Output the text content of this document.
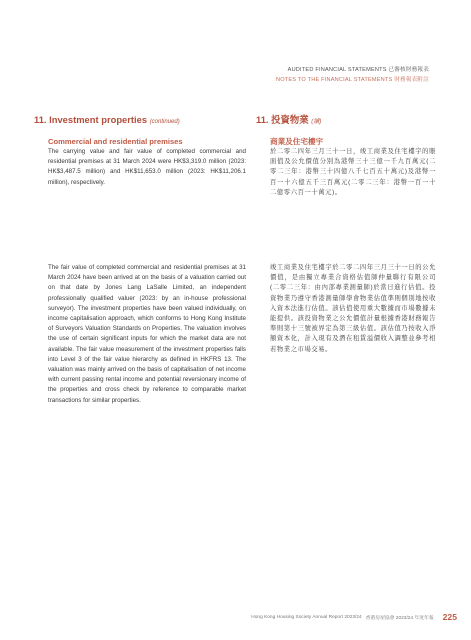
AUDITED FINANCIAL STATEMENTS 已審核財務報表
NOTES TO THE FINANCIAL STATEMENTS 財務報表附註
11. Investment properties (continued)
Commercial and residential premises

The carrying value and fair value of completed commercial and residential premises at 31 March 2024 were HK$3,319.0 million (2023: HK$3,487.5 million) and HK$11,653.0 million (2023: HK$11,206.1 million), respectively.

The fair value of completed commercial and residential premises at 31 March 2024 have been arrived at on the basis of a valuation carried out on that date by Jones Lang LaSalle Limited, an independent professionally qualified valuer (2023: by an in-house professional surveyor). The investment properties have been valued individually, on income capitalisation approach, which conforms to Hong Kong Institute of Surveyors Valuation Standards on Properties. The valuation involves the use of certain significant inputs for which the market data are not available. The fair value measurement of the investment properties falls into Level 3 of the fair value hierarchy as defined in HKFRS 13. The valuation was mainly arrived on the basis of capitalisation of net income with current passing rental income and potential reversionary income of the properties and cross check by reference to comparable market transactions for similar properties.

11. 投資物業 (續)
商業及住宅樓宇

於二零二四年三月三十一日，竣工商業及住宅樓宇的賬面值及公允價值分別為港幣三十三億一千九百萬元(二零二三年：港幣三十四億八千七百五十萬元)及港幣一百一十六億五千三百萬元(二零二三年：港幣一百一十二億零六百一十萬元)。

竣工商業及住宅樓宇於二零二四年三月三十一日的公允價值，是由獨立專業合資格估值師仲量聯行有限公司(二零二三年：由內部專業測量師)於當日進行估值。投資物業乃遵守香港測量師學會物業估值準則個別地按收入資本法進行估值。該估值使用重大數據而市場數據未能提供。該投資物業之公允價值計量根據香港財務報告準則第十三號被界定為第三級估值。該估值乃按收入淨額資本化，計入現有及潛在租賃溢價收入調整並參考相若物業之市場交易。

Hong Kong Housing Society Annual Report 2023/24 香港房屋協會 2023/24 年度年報 225
